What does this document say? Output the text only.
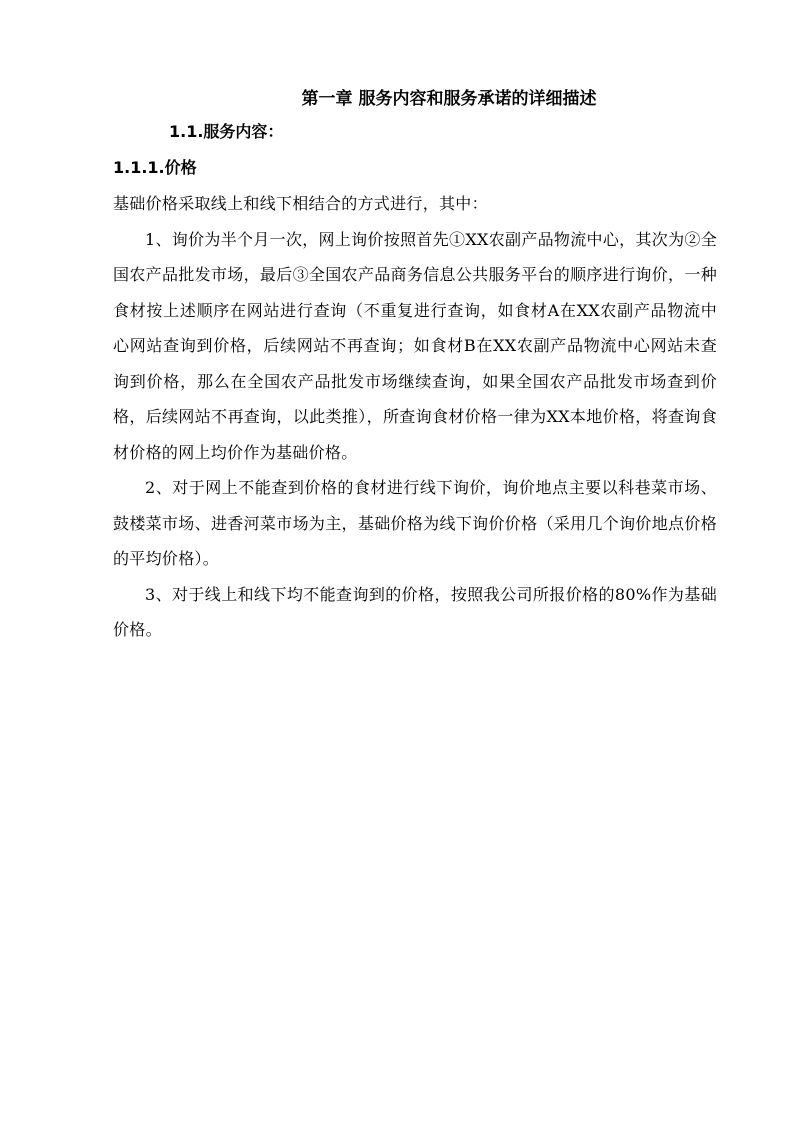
第一章 服务内容和服务承诺的详细描述
1.1.服务内容：
1.1.1.价格

基础价格采取线上和线下相结合的方式进行，其中：

1、询价为半个月一次，网上询价按照首先①XX农副产品物流中心，其次为②全国农产品批发市场，最后③全国农产品商务信息公共服务平台的顺序进行询价，一种食材按上述顺序在网站进行查询（不重复进行查询，如食材A在XX农副产品物流中心网站查询到价格，后续网站不再查询；如食材B在XX农副产品物流中心网站未查询到价格，那么在全国农产品批发市场继续查询，如果全国农产品批发市场查到价格，后续网站不再查询，以此类推），所查询食材价格一律为XX本地价格，将查询食材价格的网上均价作为基础价格。

2、对于网上不能查到价格的食材进行线下询价，询价地点主要以科巷菜市场、鼓楼菜市场、进香河菜市场为主，基础价格为线下询价价格（采用几个询价地点价格的平均价格）。

3、对于线上和线下均不能查询到的价格，按照我公司所报价格的80%作为基础价格。
